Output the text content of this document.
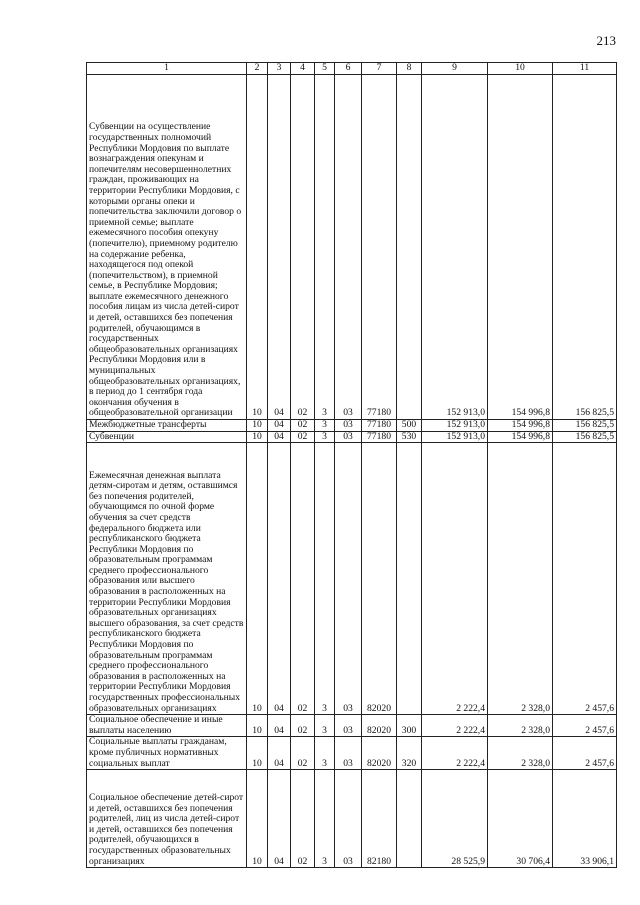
213
1	2	3	4	5	6	7	8	9	10	11
Субвенции на осуществление государственных полномочий Республики Мордовия по выплате вознаграждения опекунам и попечителям несовершеннолетних граждан, проживающих на территории Республики Мордовия, с которыми органы опеки и попечительства заключили договор о приемной семье; выплате ежемесячного пособия опекуну (попечителю), приемному родителю на содержание ребенка, находящегося под опекой (попечительством), в приемной семье, в Республике Мордовия; выплате ежемесячного денежного пособия лицам из числа детей-сирот и детей, оставшихся без попечения родителей, обучающимся в государственных общеобразовательных организациях Республики Мордовия или в муниципальных общеобразовательных организациях, в период до 1 сентября года окончания обучения в общеобразовательной организации	10	04	02	3	03	77180		152 913,0	154 996,8	156 825,5
Межбюджетные трансферты	10	04	02	3	03	77180	500	152 913,0	154 996,8	156 825,5
Субвенции	10	04	02	3	03	77180	530	152 913,0	154 996,8	156 825,5
Ежемесячная денежная выплата детям-сиротам и детям, оставшимся без попечения родителей, обучающимся по очной форме обучения за счет средств федерального бюджета или республиканского бюджета Республики Мордовия по образовательным программам среднего профессионального образования или высшего образования в расположенных на территории Республики Мордовия образовательных организациях высшего образования, за счет средств республиканского бюджета Республики Мордовия по образовательным программам среднего профессионального образования в расположенных на территории Республики Мордовия государственных профессиональных образовательных организациях	10	04	02	3	03	82020		2 222,4	2 328,0	2 457,6
Социальное обеспечение и иные выплаты населению	10	04	02	3	03	82020	300	2 222,4	2 328,0	2 457,6
Социальные выплаты гражданам, кроме публичных нормативных социальных выплат	10	04	02	3	03	82020	320	2 222,4	2 328,0	2 457,6
Социальное обеспечение детей-сирот и детей, оставшихся без попечения родителей, лиц из числа детей-сирот и детей, оставшихся без попечения родителей, обучающихся в государственных образовательных организациях	10	04	02	3	03	82180		28 525,9	30 706,4	33 906,1
